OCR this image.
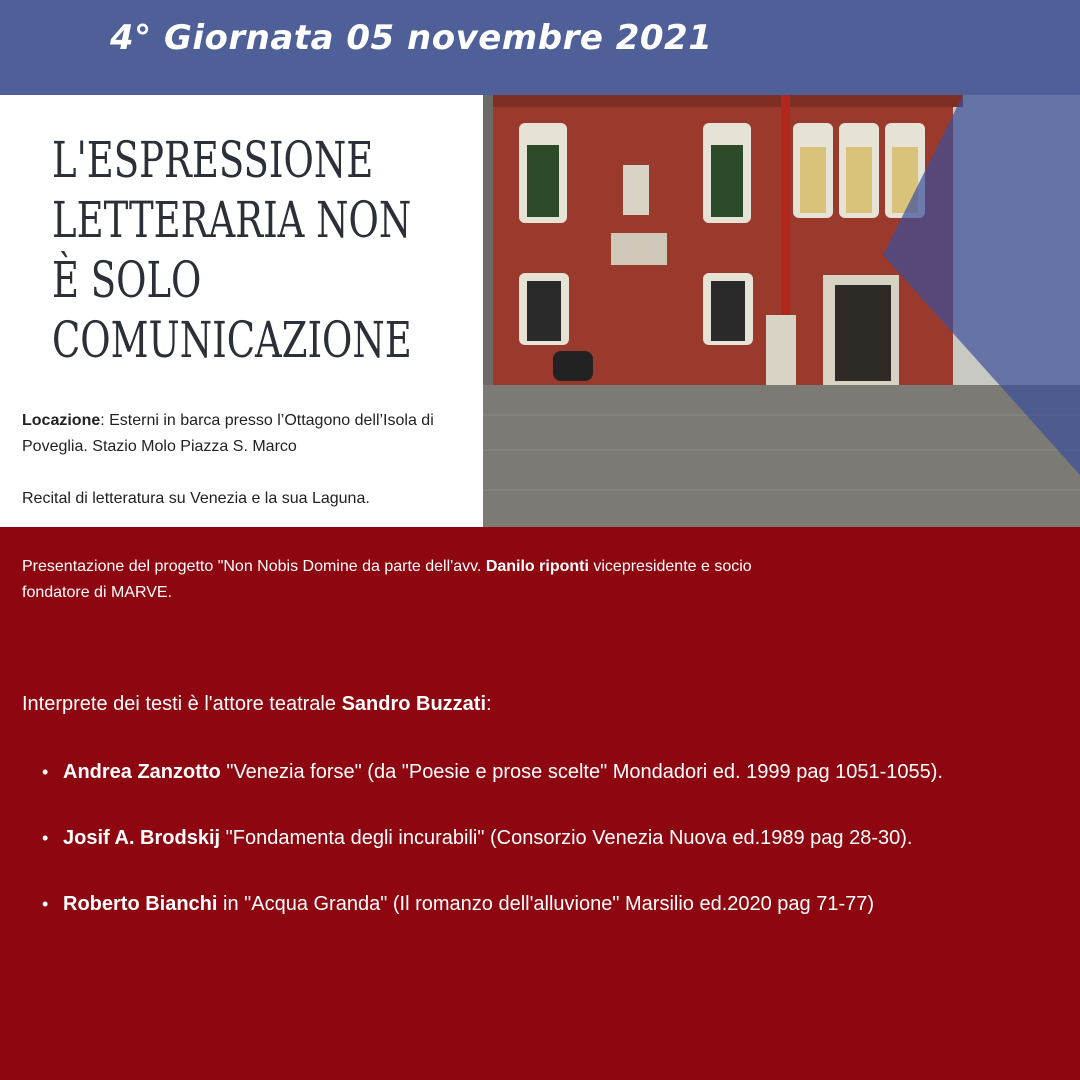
4° Giornata 05 novembre 2021
L'ESPRESSIONE
LETTERARIA NON
È SOLO
COMUNICAZIONE
Locazione: Esterni in barca presso l’Ottagono dell’Isola di Poveglia. Stazio Molo Piazza S. Marco
Recital di letteratura su Venezia e la sua Laguna.
Presentazione del progetto "Non Nobis Domine da parte dell'avv. Danilo riponti vicepresidente e socio fondatore di MARVE.
Interprete dei testi è l'attore teatrale Sandro Buzzati:
• Andrea Zanzotto "Venezia forse" (da "Poesie e prose scelte" Mondadori ed. 1999 pag 1051-1055).
• Josif A. Brodskij "Fondamenta degli incurabili" (Consorzio Venezia Nuova ed.1989 pag 28-30).
• Roberto Bianchi in "Acqua Granda" (Il romanzo dell'alluvione" Marsilio ed.2020 pag 71-77)
